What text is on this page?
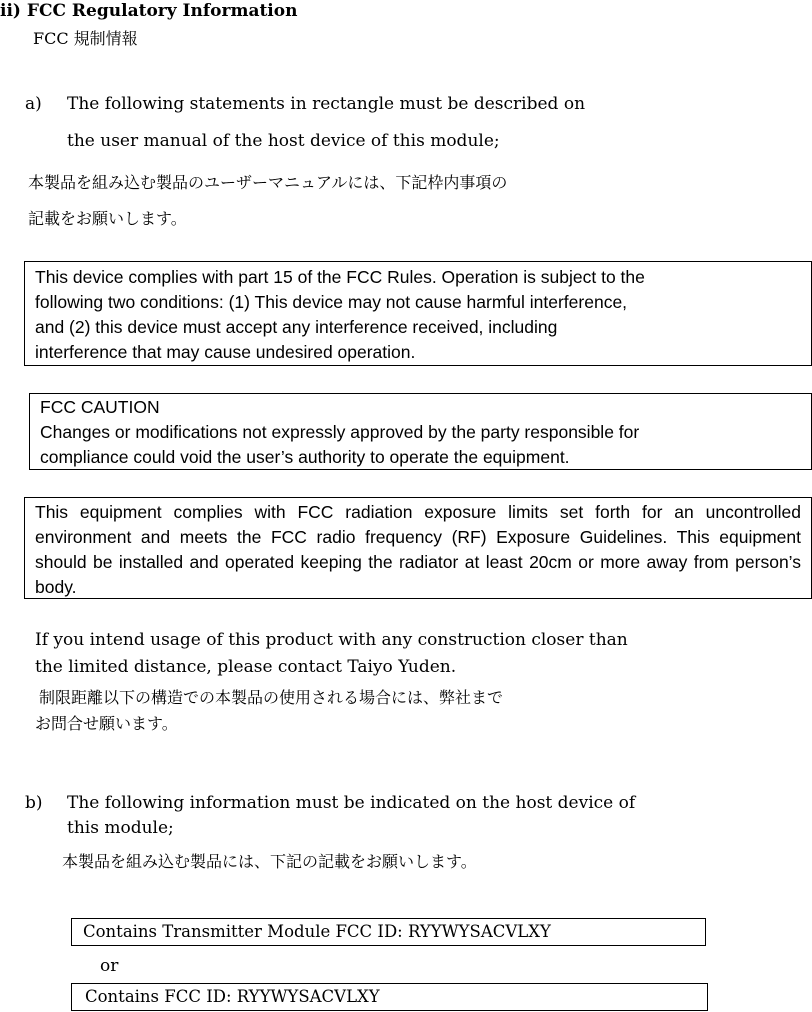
ii) FCC Regulatory Information
FCC 規制情報
a) The following statements in rectangle must be described on
the user manual of the host device of this module;
本製品を組み込む製品のユーザーマニュアルには、下記枠内事項の
記載をお願いします。

This device complies with part 15 of the FCC Rules. Operation is subject to the

following two conditions: (1) This device may not cause harmful interference,

and (2) this device must accept any interference received, including

interference that may cause undesired operation.

FCC CAUTION

Changes or modifications not expressly approved by the party responsible for

compliance could void the user’s authority to operate the equipment.

This equipment complies with FCC radiation exposure limits set forth for an uncontrolled environment and meets the FCC radio frequency (RF) Exposure Guidelines. This equipment should be installed and operated keeping the radiator at least 20cm or more away from person’s body.

If you intend usage of this product with any construction closer than
the limited distance, please contact Taiyo Yuden.
制限距離以下の構造での本製品の使用される場合には、弊社まで
お問合せ願います。
b) The following information must be indicated on the host device of
this module;
本製品を組み込む製品には、下記の記載をお願いします。
Contains Transmitter Module FCC ID: RYYWYSACVLXY
or
Contains FCC ID: RYYWYSACVLXY
